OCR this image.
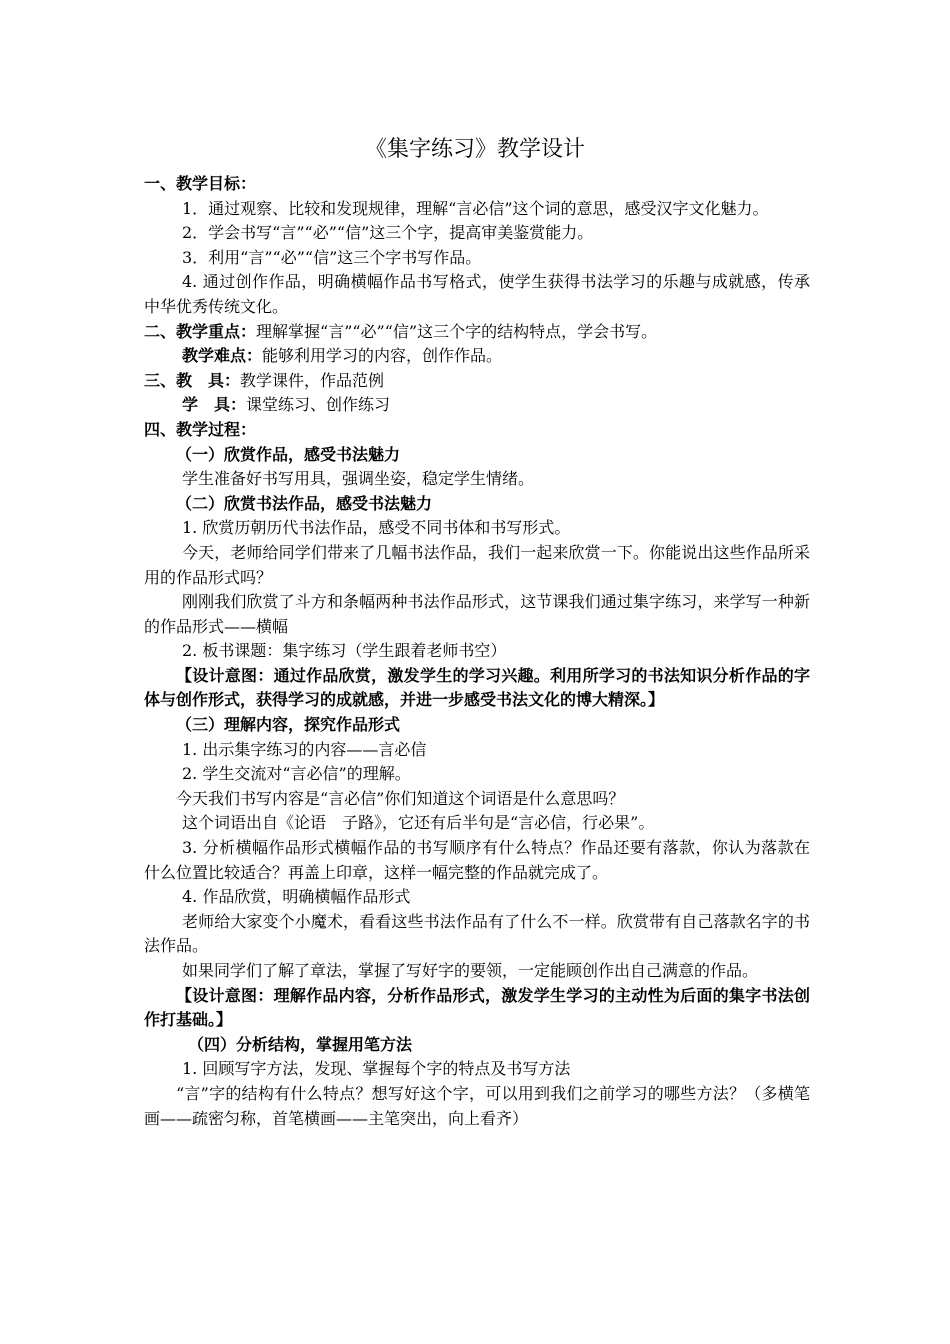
《集字练习》教学设计

一、教学目标：

1．通过观察、比较和发现规律，理解“言必信”这个词的意思，感受汉字文化魅力。

2．学会书写“言”“必”“信”这三个字，提高审美鉴赏能力。

3．利用“言”“必”“信”这三个字书写作品。

4. 通过创作作品，明确横幅作品书写格式，使学生获得书法学习的乐趣与成就感，传承中华优秀传统文化。

二、教学重点：理解掌握“言”“必”“信”这三个字的结构特点，学会书写。

教学难点：能够利用学习的内容，创作作品。

三、教　具：教学课件，作品范例

学　具：课堂练习、创作练习

四、教学过程：

（一）欣赏作品，感受书法魅力

学生准备好书写用具，强调坐姿，稳定学生情绪。

（二）欣赏书法作品，感受书法魅力

1. 欣赏历朝历代书法作品，感受不同书体和书写形式。

今天，老师给同学们带来了几幅书法作品，我们一起来欣赏一下。你能说出这些作品所采用的作品形式吗？

刚刚我们欣赏了斗方和条幅两种书法作品形式，这节课我们通过集字练习，来学写一种新的作品形式——横幅

2. 板书课题：集字练习（学生跟着老师书空）

【设计意图：通过作品欣赏，激发学生的学习兴趣。利用所学习的书法知识分析作品的字体与创作形式，获得学习的成就感，并进一步感受书法文化的博大精深。】

（三）理解内容，探究作品形式

1. 出示集字练习的内容——言必信

2. 学生交流对“言必信”的理解。

今天我们书写内容是“言必信”你们知道这个词语是什么意思吗？

这个词语出自《论语　子路》，它还有后半句是“言必信，行必果”。

3. 分析横幅作品形式横幅作品的书写顺序有什么特点？作品还要有落款，你认为落款在什么位置比较适合？再盖上印章，这样一幅完整的作品就完成了。

4. 作品欣赏，明确横幅作品形式

老师给大家变个小魔术，看看这些书法作品有了什么不一样。欣赏带有自己落款名字的书法作品。

如果同学们了解了章法，掌握了写好字的要领，一定能顾创作出自己满意的作品。

【设计意图：理解作品内容，分析作品形式，激发学生学习的主动性为后面的集字书法创作打基础。】

（四）分析结构，掌握用笔方法

1. 回顾写字方法，发现、掌握每个字的特点及书写方法

“言”字的结构有什么特点？想写好这个字，可以用到我们之前学习的哪些方法？（多横笔画——疏密匀称，首笔横画——主笔突出，向上看齐）
